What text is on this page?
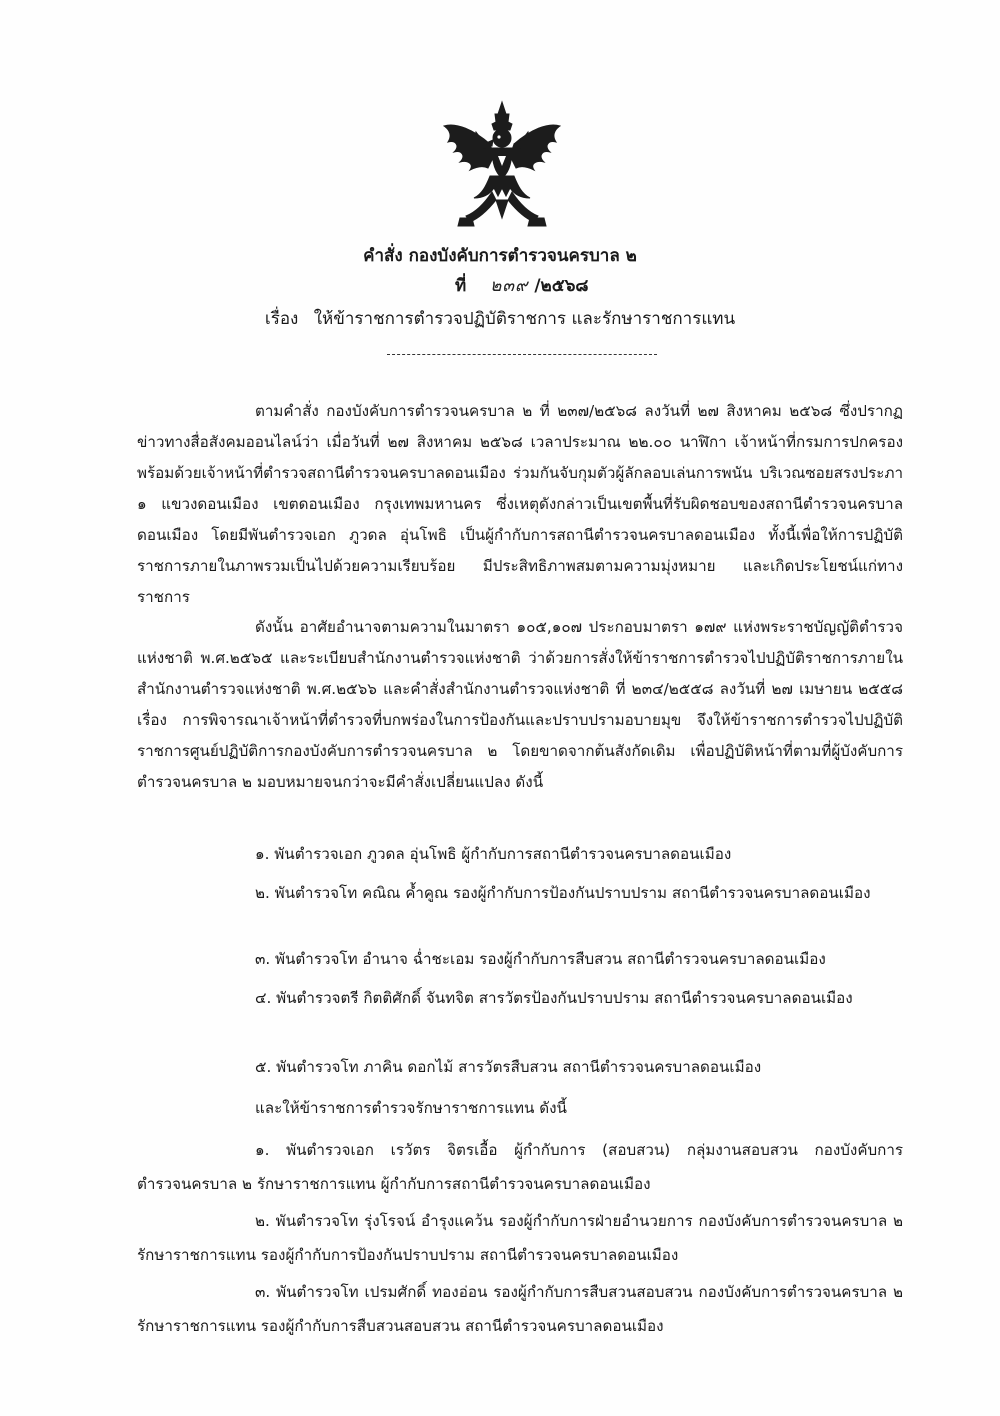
คำสั่ง กองบังคับการตำรวจนครบาล ๒
ที่ ๒๓๙ /๒๕๖๘
เรื่อง ให้ข้าราชการตำรวจปฏิบัติราชการ และรักษาราชการแทน

ตามคำสั่ง กองบังคับการตำรวจนครบาล ๒ ที่ ๒๓๗/๒๕๖๘ ลงวันที่ ๒๗ สิงหาคม ๒๕๖๘ ซึ่งปรากฏข่าวทางสื่อสังคมออนไลน์ว่า เมื่อวันที่ ๒๗ สิงหาคม ๒๕๖๘ เวลาประมาณ ๒๒.๐๐ นาฬิกา เจ้าหน้าที่กรมการปกครอง พร้อมด้วยเจ้าหน้าที่ตำรวจสถานีตำรวจนครบาลดอนเมือง ร่วมกันจับกุมตัวผู้ลักลอบเล่นการพนัน บริเวณซอยสรงประภา ๑ แขวงดอนเมือง เขตดอนเมือง กรุงเทพมหานคร ซึ่งเหตุดังกล่าวเป็นเขตพื้นที่รับผิดชอบของสถานีตำรวจนครบาลดอนเมือง โดยมีพันตำรวจเอก ภูวดล อุ่นโพธิ เป็นผู้กำกับการสถานีตำรวจนครบาลดอนเมือง ทั้งนี้เพื่อให้การปฏิบัติราชการภายในภาพรวมเป็นไปด้วยความเรียบร้อย มีประสิทธิภาพสมตามความมุ่งหมาย และเกิดประโยชน์แก่ทางราชการ

ดังนั้น อาศัยอำนาจตามความในมาตรา ๑๐๕,๑๐๗ ประกอบมาตรา ๑๗๙ แห่งพระราชบัญญัติตำรวจแห่งชาติ พ.ศ.๒๕๖๕ และระเบียบสำนักงานตำรวจแห่งชาติ ว่าด้วยการสั่งให้ข้าราชการตำรวจไปปฏิบัติราชการภายในสำนักงานตำรวจแห่งชาติ พ.ศ.๒๕๖๖ และคำสั่งสำนักงานตำรวจแห่งชาติ ที่ ๒๓๔/๒๕๕๘ ลงวันที่ ๒๗ เมษายน ๒๕๕๘ เรื่อง การพิจารณาเจ้าหน้าที่ตำรวจที่บกพร่องในการป้องกันและปราบปรามอบายมุข จึงให้ข้าราชการตำรวจไปปฏิบัติราชการศูนย์ปฏิบัติการกองบังคับการตำรวจนครบาล ๒ โดยขาดจากต้นสังกัดเดิม เพื่อปฏิบัติหน้าที่ตามที่ผู้บังคับการตำรวจนครบาล ๒ มอบหมายจนกว่าจะมีคำสั่งเปลี่ยนแปลง ดังนี้

๑. พันตำรวจเอก ภูวดล อุ่นโพธิ ผู้กำกับการสถานีตำรวจนครบาลดอนเมือง

๒. พันตำรวจโท คณิณ ค้ำคูณ รองผู้กำกับการป้องกันปราบปราม สถานีตำรวจนครบาลดอนเมือง

๓. พันตำรวจโท อำนาจ ฉ่ำชะเอม รองผู้กำกับการสืบสวน สถานีตำรวจนครบาลดอนเมือง

๔. พันตำรวจตรี กิตติศักดิ์ จันทจิต สารวัตรป้องกันปราบปราม สถานีตำรวจนครบาลดอนเมือง

๕. พันตำรวจโท ภาคิน ดอกไม้ สารวัตรสืบสวน สถานีตำรวจนครบาลดอนเมือง

และให้ข้าราชการตำรวจรักษาราชการแทน ดังนี้

๑. พันตำรวจเอก เรวัตร จิตรเอื้อ ผู้กำกับการ (สอบสวน) กลุ่มงานสอบสวน กองบังคับการตำรวจนครบาล ๒ รักษาราชการแทน ผู้กำกับการสถานีตำรวจนครบาลดอนเมือง

๒. พันตำรวจโท รุ่งโรจน์ อำรุงแคว้น รองผู้กำกับการฝ่ายอำนวยการ กองบังคับการตำรวจนครบาล ๒ รักษาราชการแทน รองผู้กำกับการป้องกันปราบปราม สถานีตำรวจนครบาลดอนเมือง

๓. พันตำรวจโท เปรมศักดิ์ ทองอ่อน รองผู้กำกับการสืบสวนสอบสวน กองบังคับการตำรวจนครบาล ๒ รักษาราชการแทน รองผู้กำกับการสืบสวนสอบสวน สถานีตำรวจนครบาลดอนเมือง
